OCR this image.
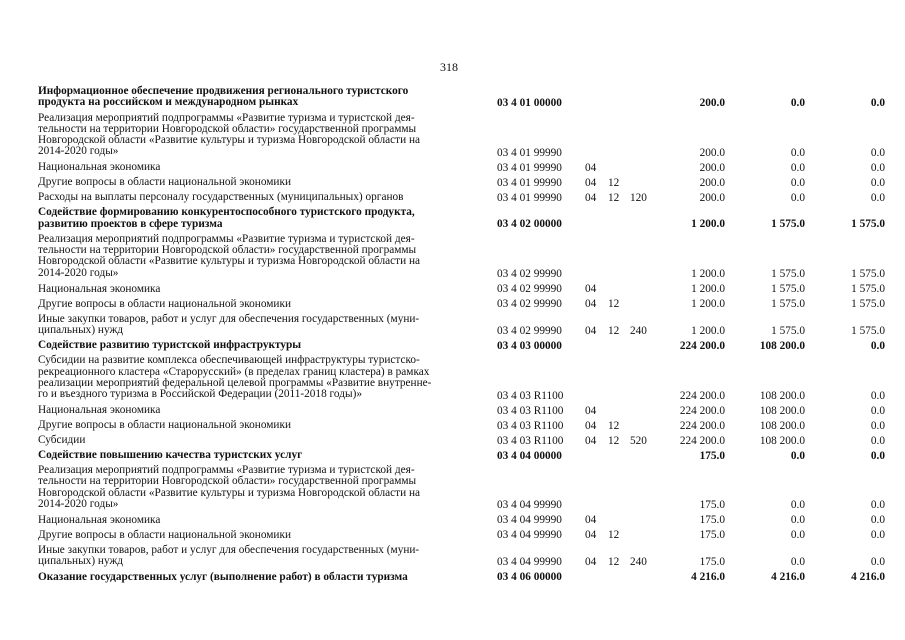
318
Информационное обеспечение продвижения регионального туристского
продукта на российском и международном рынках	03 4 01 00000	200.0	0.0	0.0
Реализация мероприятий подпрограммы «Развитие туризма и туристской дея-
тельности на территории Новгородской области» государственной программы
Новгородской области «Развитие культуры и туризма Новгородской области на
2014-2020 годы»	03 4 01 99990	200.0	0.0	0.0
Национальная экономика	03 4 01 99990 04	200.0	0.0	0.0
Другие вопросы в области национальной экономики	03 4 01 99990 04 12	200.0	0.0	0.0
Расходы на выплаты персоналу государственных (муниципальных) органов	03 4 01 99990 04 12 120	200.0	0.0	0.0
Содействие формированию конкурентоспособного туристского продукта,
развитию проектов в сфере туризма	03 4 02 00000	1 200.0	1 575.0	1 575.0
Реализация мероприятий подпрограммы «Развитие туризма и туристской дея-
тельности на территории Новгородской области» государственной программы
Новгородской области «Развитие культуры и туризма Новгородской области на
2014-2020 годы»	03 4 02 99990	1 200.0	1 575.0	1 575.0
Национальная экономика	03 4 02 99990 04	1 200.0	1 575.0	1 575.0
Другие вопросы в области национальной экономики	03 4 02 99990 04 12	1 200.0	1 575.0	1 575.0
Иные закупки товаров, работ и услуг для обеспечения государственных (муни-
ципальных) нужд	03 4 02 99990 04 12 240	1 200.0	1 575.0	1 575.0
Содействие развитию туристской инфраструктуры	03 4 03 00000	224 200.0	108 200.0	0.0
Субсидии на развитие комплекса обеспечивающей инфраструктуры туристско-
рекреационного кластера «Старорусский» (в пределах границ кластера) в рамках
реализации мероприятий федеральной целевой программы «Развитие внутренне-
го и въездного туризма в Российской Федерации (2011-2018 годы)»	03 4 03 R1100	224 200.0	108 200.0	0.0
Национальная экономика	03 4 03 R1100 04	224 200.0	108 200.0	0.0
Другие вопросы в области национальной экономики	03 4 03 R1100 04 12	224 200.0	108 200.0	0.0
Субсидии	03 4 03 R1100 04 12 520	224 200.0	108 200.0	0.0
Содействие повышению качества туристских услуг	03 4 04 00000	175.0	0.0	0.0
Реализация мероприятий подпрограммы «Развитие туризма и туристской дея-
тельности на территории Новгородской области» государственной программы
Новгородской области «Развитие культуры и туризма Новгородской области на
2014-2020 годы»	03 4 04 99990	175.0	0.0	0.0
Национальная экономика	03 4 04 99990 04	175.0	0.0	0.0
Другие вопросы в области национальной экономики	03 4 04 99990 04 12	175.0	0.0	0.0
Иные закупки товаров, работ и услуг для обеспечения государственных (муни-
ципальных) нужд	03 4 04 99990 04 12 240	175.0	0.0	0.0
Оказание государственных услуг (выполнение работ) в области туризма	03 4 06 00000	4 216.0	4 216.0	4 216.0
